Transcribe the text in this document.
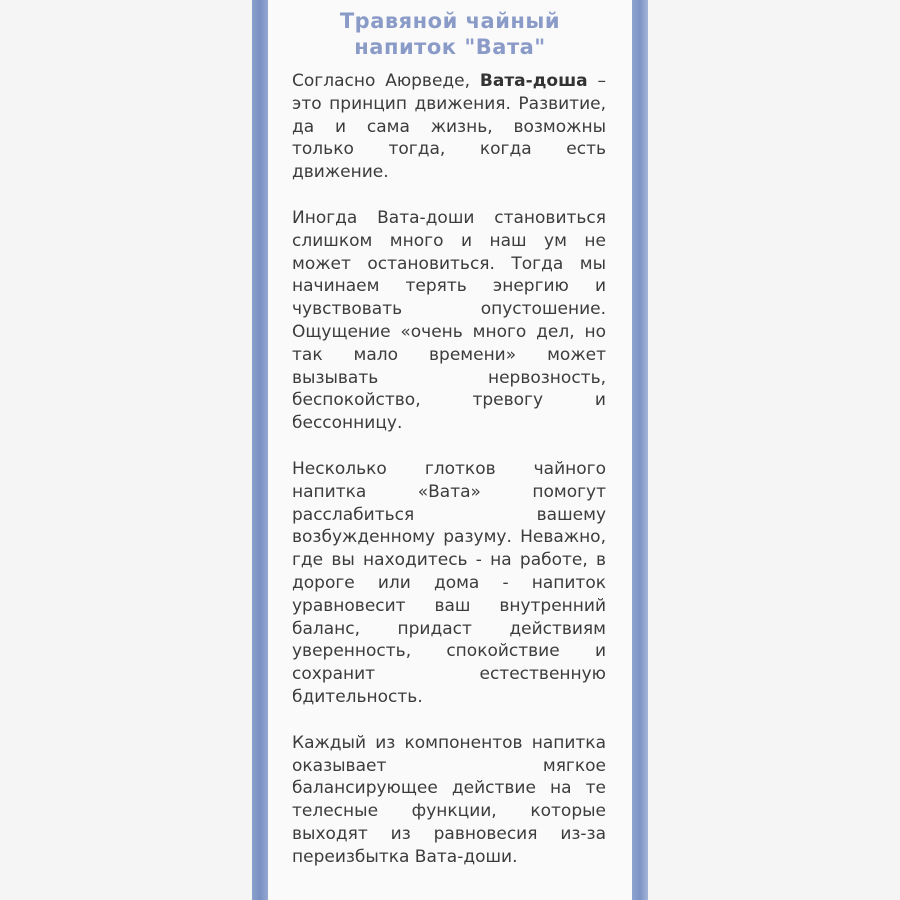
Травяной чайный
напиток "Вата"

Согласно Аюрведе, Вата-доша – это принцип движения. Развитие, да и сама жизнь, возможны только тогда, когда есть движение.

Иногда Вата-доши становиться слишком много и наш ум не может остановиться. Тогда мы начинаем терять энергию и чувствовать опустошение. Ощущение «очень много дел, но так мало времени» может вызывать нервозность, беспокойство, тревогу и бессонницу.

Несколько глотков чайного напитка «Вата» помогут расслабиться вашему возбужденному разуму. Неважно, где вы находитесь - на работе, в дороге или дома - напиток уравновесит ваш внутренний баланс, придаст действиям уверенность, спокойствие и сохранит естественную бдительность.

Каждый из компонентов напитка оказывает мягкое балансирующее действие на те телесные функции, которые выходят из равновесия из-за переизбытка Вата-доши.
